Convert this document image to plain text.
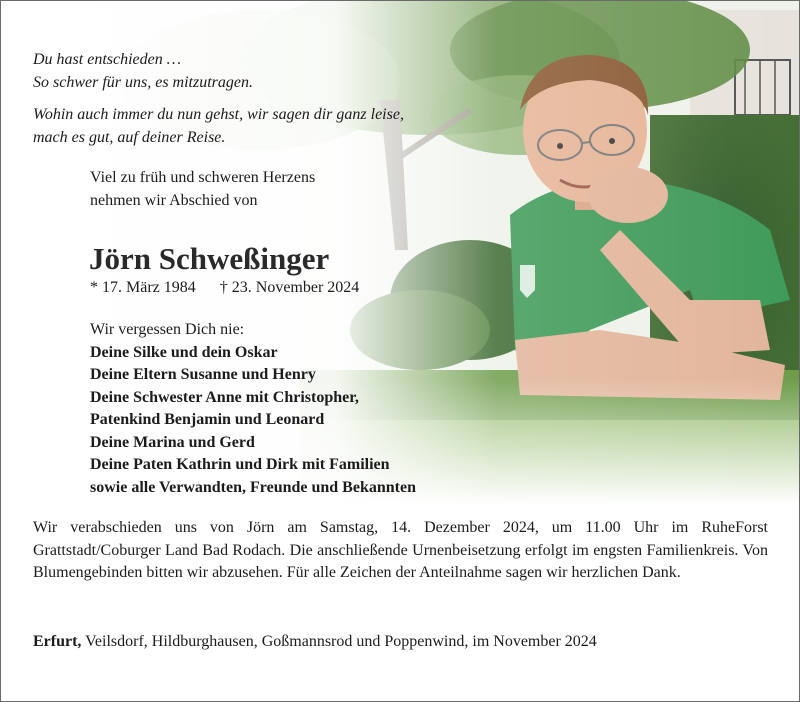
Du hast entschieden …
So schwer für uns, es mitzutragen.
Wohin auch immer du nun gehst, wir sagen dir ganz leise,
mach es gut, auf deiner Reise.
Viel zu früh und schweren Herzens
nehmen wir Abschied von
Jörn Schweßinger
* 17. März 1984 † 23. November 2024
Wir vergessen Dich nie:
Deine Silke und dein Oskar
Deine Eltern Susanne und Henry
Deine Schwester Anne mit Christopher,
Patenkind Benjamin und Leonard
Deine Marina und Gerd
Deine Paten Kathrin und Dirk mit Familien
sowie alle Verwandten, Freunde und Bekannten
Wir verabschieden uns von Jörn am Samstag, 14. Dezember 2024, um 11.00 Uhr im RuheForst Grattstadt/Coburger Land Bad Rodach. Die anschließende Urnenbeisetzung erfolgt im engsten Familienkreis. Von Blumengebinden bitten wir abzusehen. Für alle Zeichen der Anteilnahme sagen wir herzlichen Dank.
Erfurt, Veilsdorf, Hildburghausen, Goßmannsrod und Poppenwind, im November 2024
